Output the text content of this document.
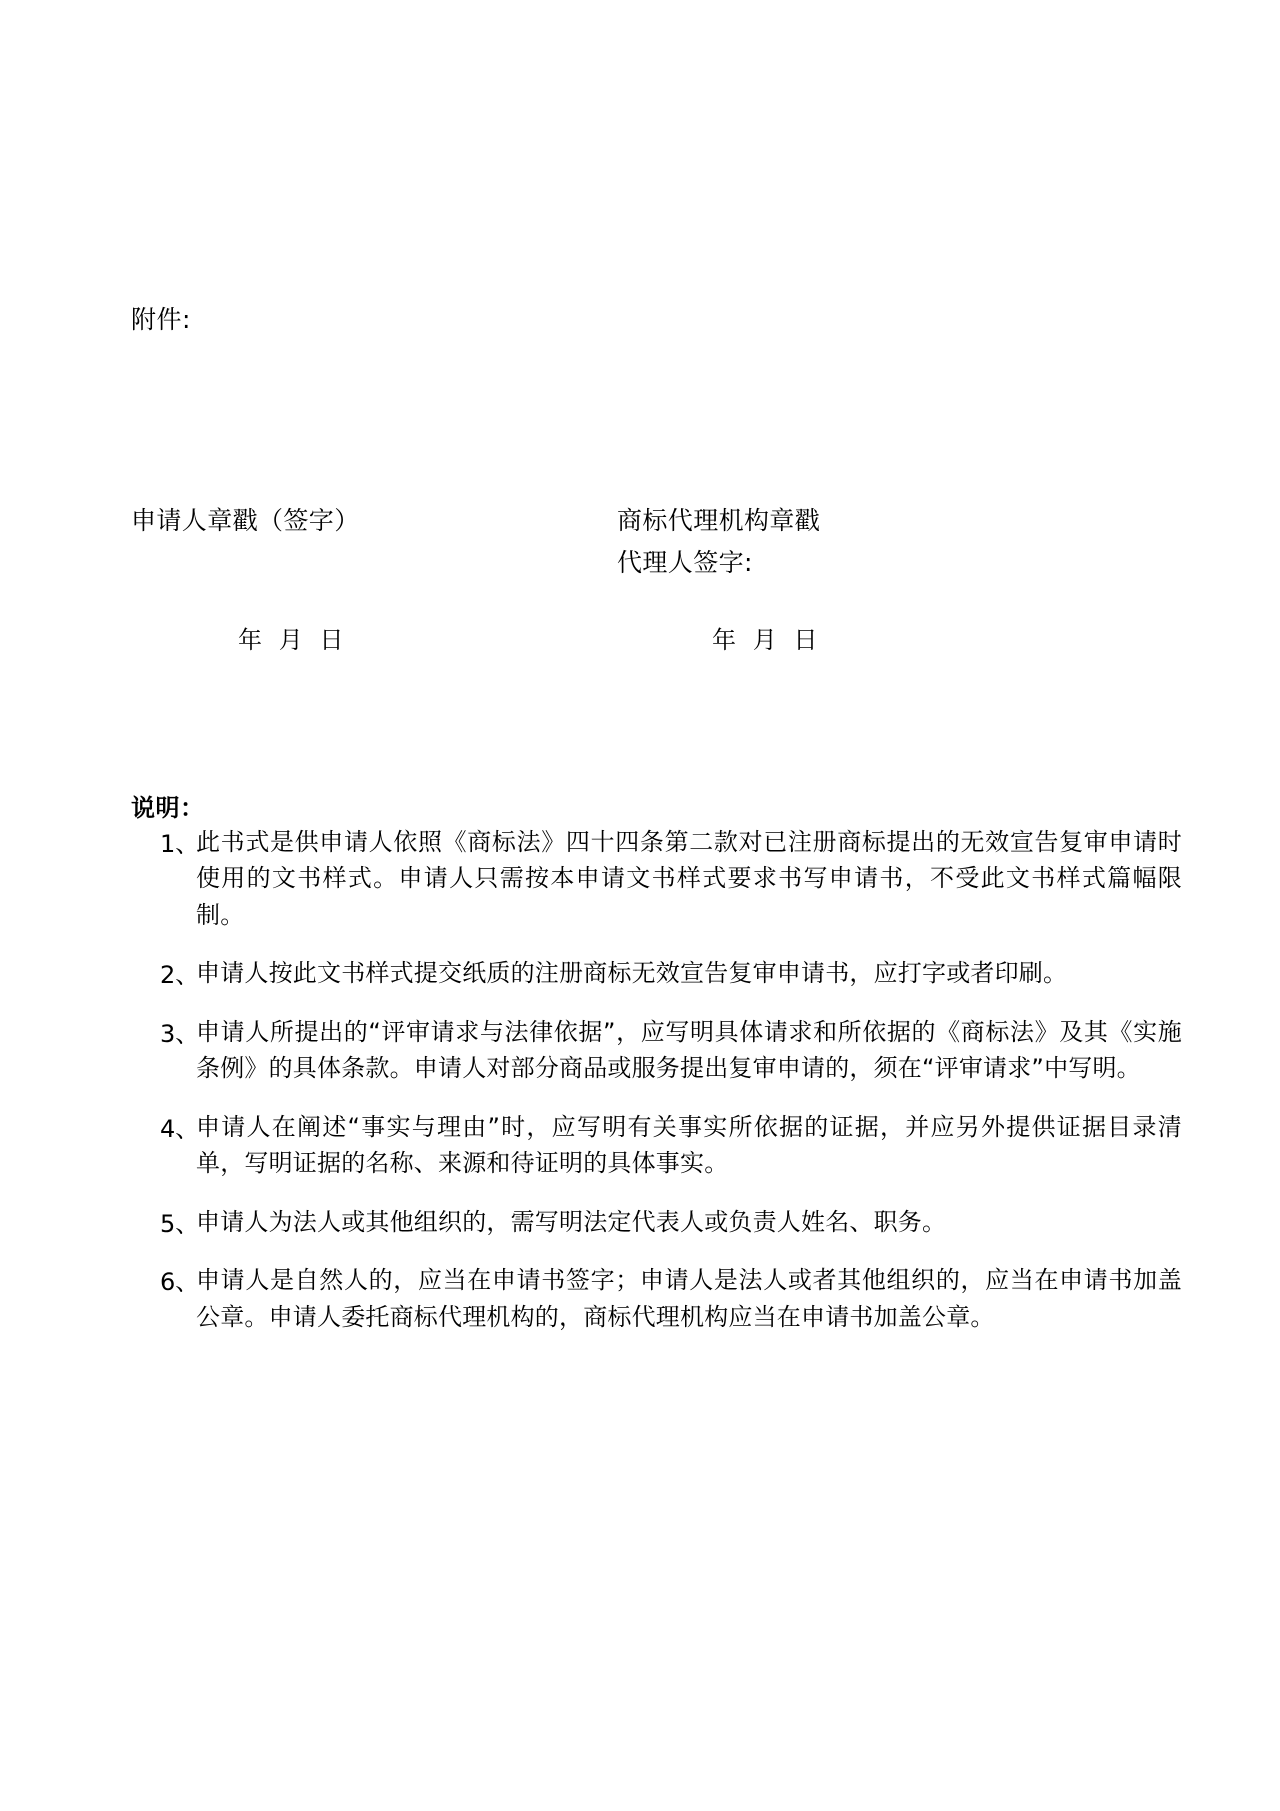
附件:
申请人章戳（签字）	商标代理机构章戳
代理人签字:
年  月  日	年  月  日
说明：
1、

此书式是供申请人依照《商标法》四十四条第二款对已注册商标提出的无效宣告复审申请时使用的文书样式。申请人只需按本申请文书样式要求书写申请书，不受此文书样式篇幅限制。

2、

申请人按此文书样式提交纸质的注册商标无效宣告复审申请书，应打字或者印刷。

3、

申请人所提出的“评审请求与法律依据”，应写明具体请求和所依据的《商标法》及其《实施条例》的具体条款。申请人对部分商品或服务提出复审申请的，须在“评审请求”中写明。

4、

申请人在阐述“事实与理由”时，应写明有关事实所依据的证据，并应另外提供证据目录清单，写明证据的名称、来源和待证明的具体事实。

5、

申请人为法人或其他组织的，需写明法定代表人或负责人姓名、职务。

6、

申请人是自然人的，应当在申请书签字；申请人是法人或者其他组织的，应当在申请书加盖公章。申请人委托商标代理机构的，商标代理机构应当在申请书加盖公章。
